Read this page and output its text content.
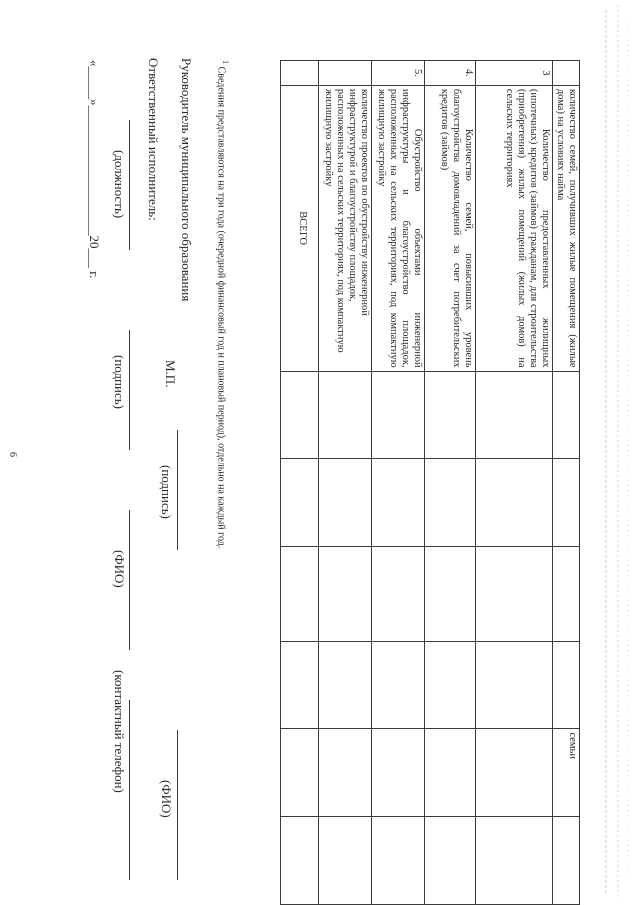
6
	количество семей, получивших жилые помещения (жилые дома) на условиях найма					семьи	
3	Количество предоставленных жилищных (ипотечных) кредитов (займов) гражданам, для строительства (приобретения) жилых помещений (жилых домов) на сельских территориях						
4.	Количество семей, повысивших уровень благоустройства домовладений за счет потребительских кредитов (займов)						
5.	Обустройство объектами инженерной инфраструктуры и благоустройство площадок, расположенных на сельских территориях, под компактную жилищную застройку						
	количество проектов по обустройству инженерной инфраструктурой и благоустройству площадок, расположенных на сельских территориях, под компактную жилищную застройку						
	ВСЕГО						
$^1$ Сведения представляются на три года (очередной финансовый год и плановый период), отдельно на каждый год.
Руководитель муниципального образования
М.П.
(подпись)
(ФИО)
Ответственный исполнитель:
(должность)
(подпись)
(ФИО)
(контактный телефон)
«_____»____________________20___ г.
